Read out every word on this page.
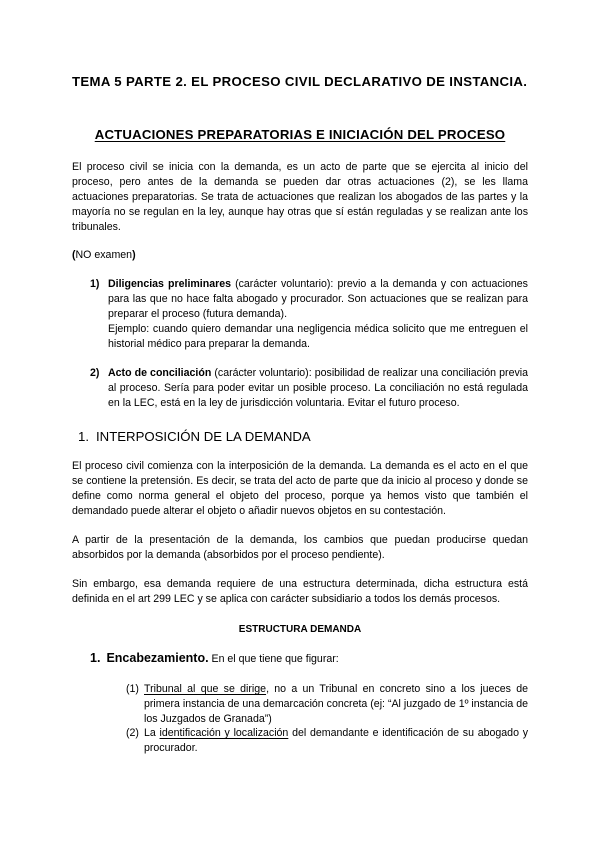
TEMA 5 PARTE 2. EL PROCESO CIVIL DECLARATIVO DE INSTANCIA.
ACTUACIONES PREPARATORIAS E INICIACIÓN DEL PROCESO

El proceso civil se inicia con la demanda, es un acto de parte que se ejercita al inicio del proceso, pero antes de la demanda se pueden dar otras actuaciones (2), se les llama actuaciones preparatorias. Se trata de actuaciones que realizan los abogados de las partes y la mayoría no se regulan en la ley, aunque hay otras que sí están reguladas y se realizan ante los tribunales.

(NO examen)

1) Diligencias preliminares (carácter voluntario): previo a la demanda y con actuaciones para las que no hace falta abogado y procurador. Son actuaciones que se realizan para preparar el proceso (futura demanda).
Ejemplo: cuando quiero demandar una negligencia médica solicito que me entreguen el historial médico para preparar la demanda.
2) Acto de conciliación (carácter voluntario): posibilidad de realizar una conciliación previa al proceso. Sería para poder evitar un posible proceso. La conciliación no está regulada en la LEC, está en la ley de jurisdicción voluntaria. Evitar el futuro proceso.
1. INTERPOSICIÓN DE LA DEMANDA

El proceso civil comienza con la interposición de la demanda. La demanda es el acto en el que se contiene la pretensión. Es decir, se trata del acto de parte que da inicio al proceso y donde se define como norma general el objeto del proceso, porque ya hemos visto que también el demandado puede alterar el objeto o añadir nuevos objetos en su contestación.

A partir de la presentación de la demanda, los cambios que puedan producirse quedan absorbidos por la demanda (absorbidos por el proceso pendiente).

Sin embargo, esa demanda requiere de una estructura determinada, dicha estructura está definida en el art 299 LEC y se aplica con carácter subsidiario a todos los demás procesos.

ESTRUCTURA DEMANDA
1. Encabezamiento. En el que tiene que figurar:
(1) Tribunal al que se dirige, no a un Tribunal en concreto sino a los jueces de primera instancia de una demarcación concreta (ej: “Al juzgado de 1º instancia de los Juzgados de Granada”)
(2) La identificación y localización del demandante e identificación de su abogado y procurador.
